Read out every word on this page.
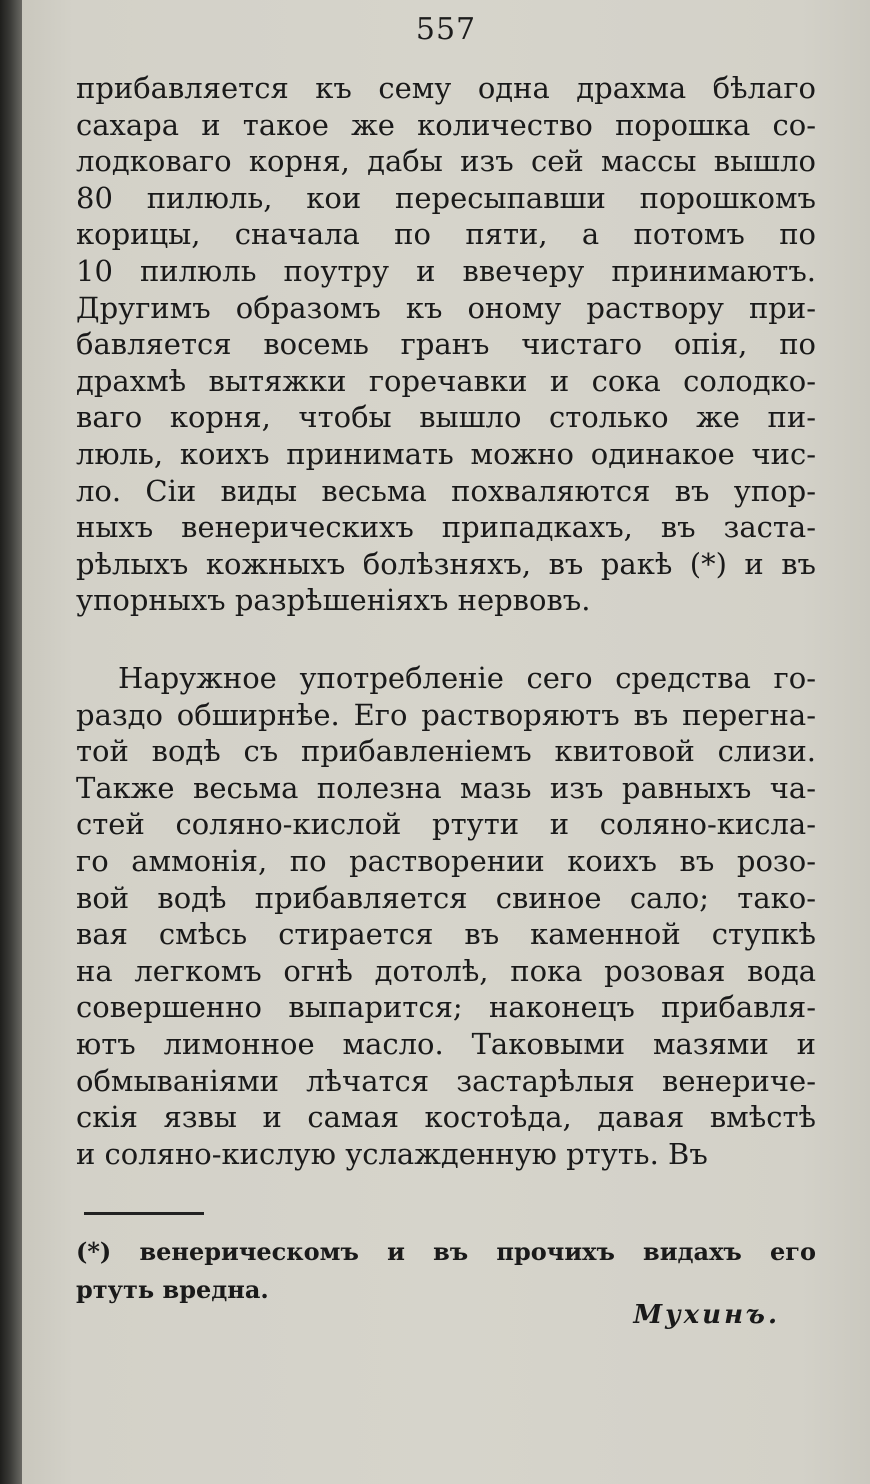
557
прибавляется къ сему одна драхма бѣлаго
сахара и такое же количество порошка со-
лодковаго корня, дабы изъ сей массы вышло
80 пилюль, кои пересыпавши порошкомъ
корицы, сначала по пяти, а потомъ по
10 пилюль поутру и ввечеру принимаютъ.
Другимъ образомъ къ оному раствору при-
бавляется восемь гранъ чистаго опія, по
драхмѣ вытяжки горечавки и сока солодко-
ваго корня, чтобы вышло столько же пи-
люль, коихъ принимать можно одинакое чис-
ло. Сіи виды весьма похваляются въ упор-
ныхъ венерическихъ припадкахъ, въ заста-
рѣлыхъ кожныхъ болѣзняхъ, въ ракѣ (*) и въ
упорныхъ разрѣшеніяхъ нервовъ.
Наружное употребленіе сего средства го-
раздо обширнѣе. Его растворяютъ въ перегна-
той водѣ съ прибавленіемъ квитовой слизи.
Также весьма полезна мазь изъ равныхъ ча-
стей соляно-кислой ртути и соляно-кисла-
го аммонія, по растворении коихъ въ розо-
вой водѣ прибавляется свиное сало; тако-
вая смѣсь стирается въ каменной ступкѣ
на легкомъ огнѣ дотолѣ, пока розовая вода
совершенно выпарится; наконецъ прибавля-
ютъ лимонное масло. Таковыми мазями и
обмываніями лѣчатся застарѣлыя венериче-
скія язвы и самая костоѣда, давая вмѣстѣ
и соляно-кислую услажденную ртуть. Въ
(*) венерическомъ и въ прочихъ видахъ его
ртуть вредна.
Мухинъ.
